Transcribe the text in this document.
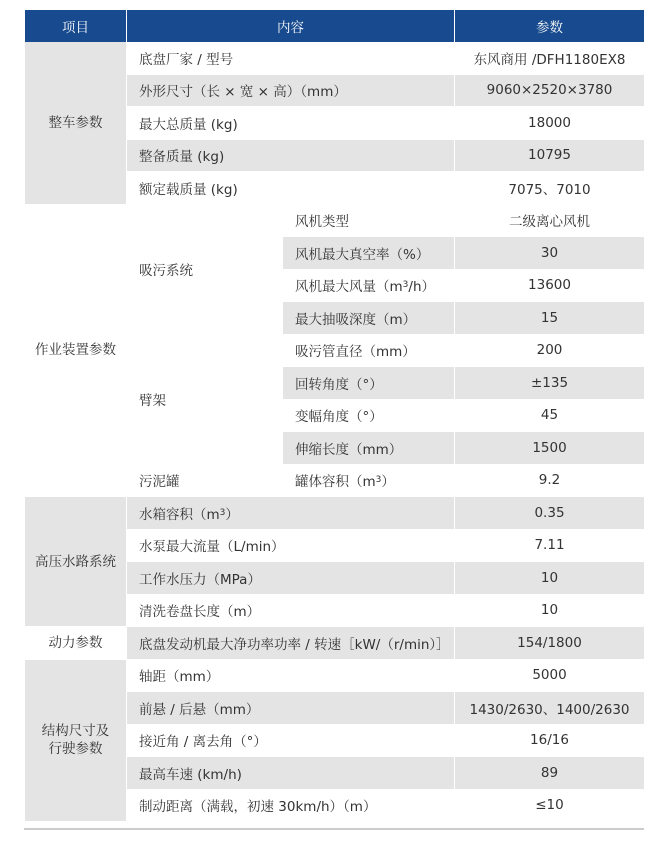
项目	内容		参数
整车参数	底盘厂家 / 型号		东风商用 /DFH1180EX8
	外形尺寸（长 × 宽 × 高）（mm）		9060×2520×3780
	最大总质量 (kg)		18000
	整备质量 (kg)		10795
	额定载质量 (kg)		7075、7010
作业装置参数	吸污系统	风机类型	二级离心风机
		风机最大真空率（%）	30
		风机最大风量$(m^3/h)$	13600
		最大抽吸深度（m）	15
	臂架	吸污管直径（mm）	200
		回转角度（°）	±135
		变幅角度（°）	45
		伸缩长度（mm）	1500
	污泥罐	罐体容积$(m^3)$	9.2
高压水路系统	水箱容积$(m^3)$		0.35
	水泵最大流量（L/min）		7.11
	工作水压力（MPa）		10
	清洗卷盘长度（m）		10
动力参数	底盘发动机最大净功率功率 / 转速［kW/（r/min）］		154/1800
结构尺寸及
行驶参数	轴距（mm）		5000
	前悬 / 后悬（mm）		1430/2630、1400/2630
	接近角 / 离去角（°）		16/16
	最高车速 (km/h)		89
	制动距离（满载，初速 30km/h）（m）		≤10
